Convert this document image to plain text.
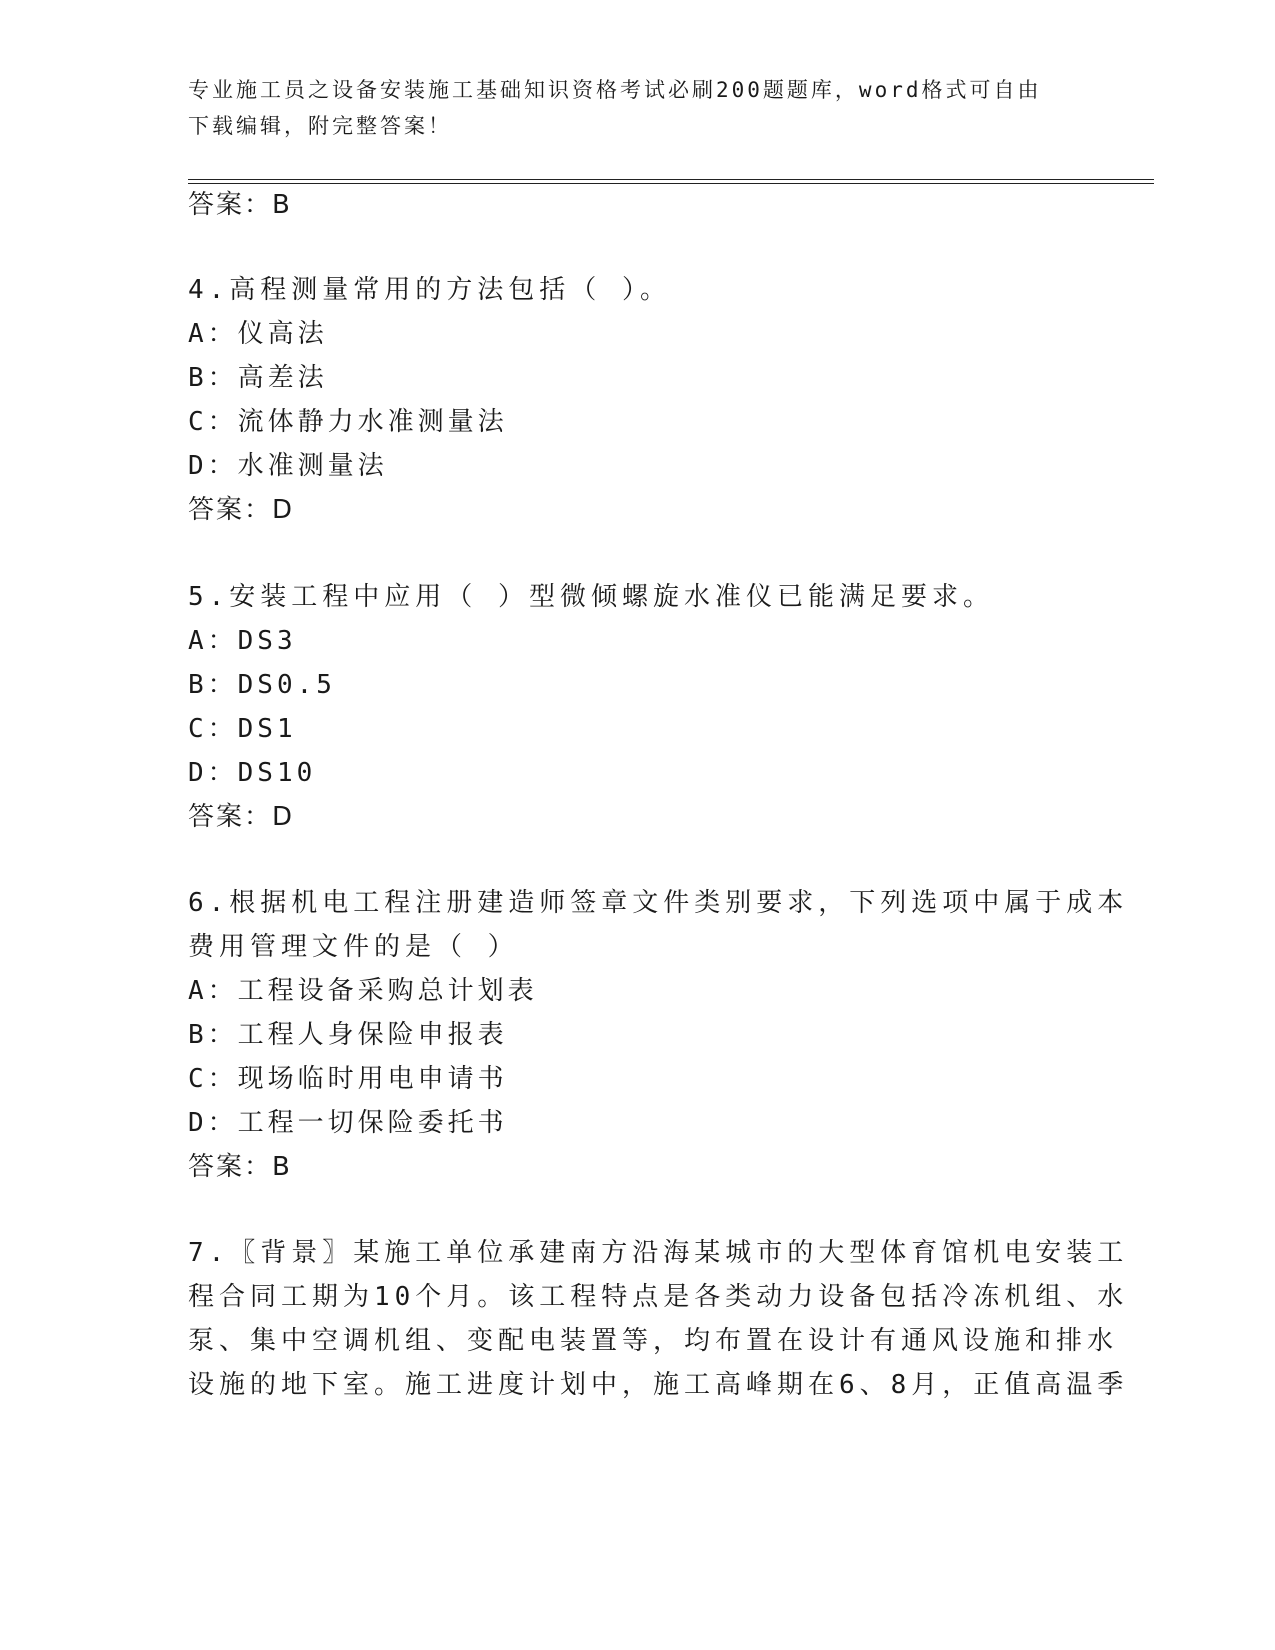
专业施工员之设备安装施工基础知识资格考试必刷200题题库，word格式可自由
下载编辑，附完整答案！
答案：B
4.高程测量常用的方法包括（ ）。
A：仪高法
B：高差法
C：流体静力水准测量法
D：水准测量法
答案：D
5.安装工程中应用（ ）型微倾螺旋水准仪已能满足要求。
A：DS3
B：DS0.5
C：DS1
D：DS10
答案：D
6.根据机电工程注册建造师签章文件类别要求，下列选项中属于成本
费用管理文件的是（ ）
A：工程设备采购总计划表
B：工程人身保险申报表
C：现场临时用电申请书
D：工程一切保险委托书
答案：B
7.〖背景〗某施工单位承建南方沿海某城市的大型体育馆机电安装工
程合同工期为10个月。该工程特点是各类动力设备包括冷冻机组、水
泵、集中空调机组、变配电装置等，均布置在设计有通风设施和排水
设施的地下室。施工进度计划中，施工高峰期在6、8月，正值高温季
